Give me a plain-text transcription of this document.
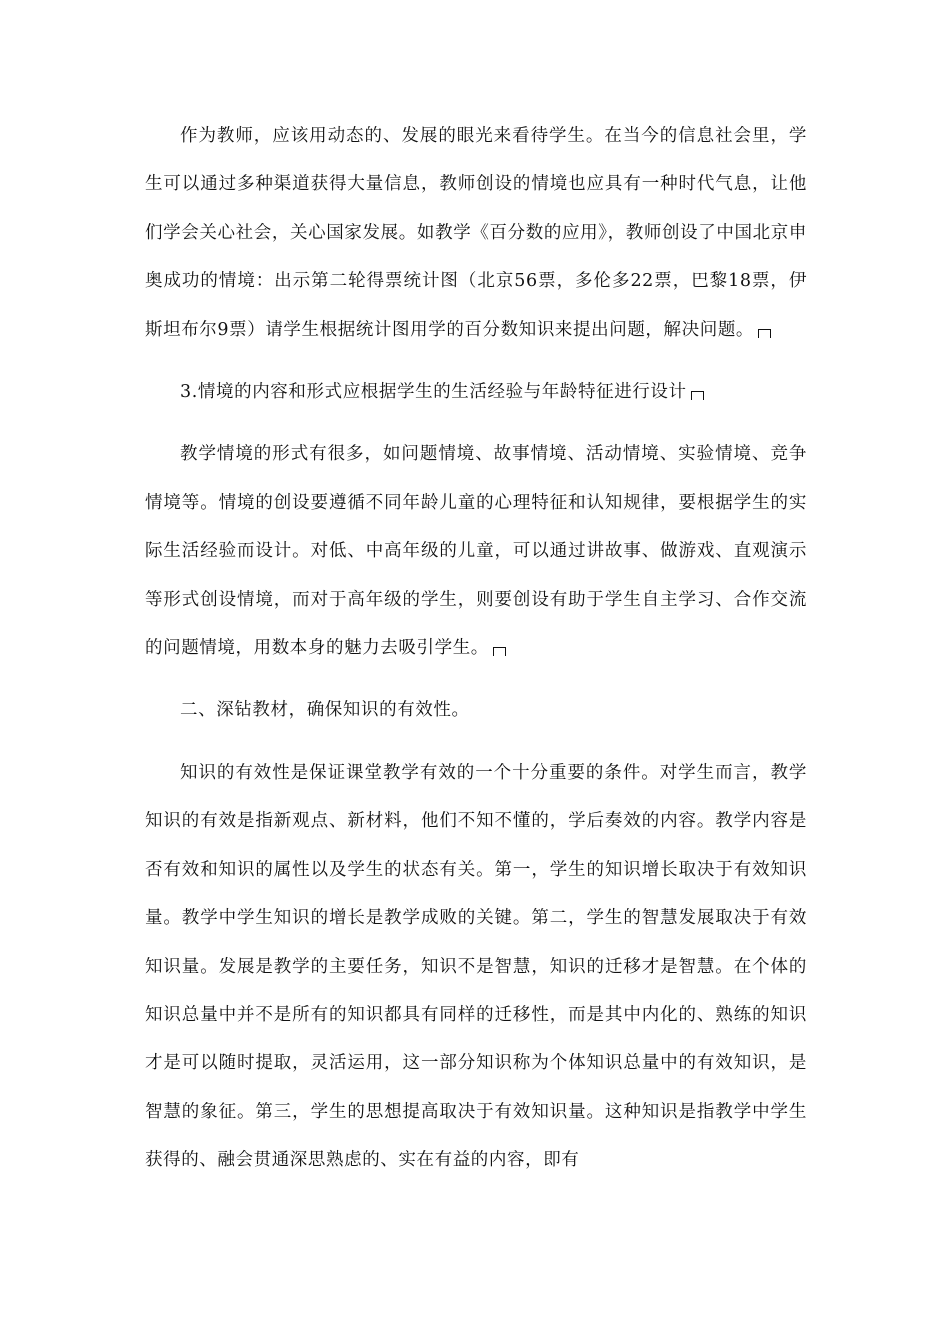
作为教师，应该用动态的、发展的眼光来看待学生。在当今的信息社会里，学生可以通过多种渠道获得大量信息，教师创设的情境也应具有一种时代气息，让他们学会关心社会，关心国家发展。如教学《百分数的应用》，教师创设了中国北京申奥成功的情境：出示第二轮得票统计图（北京56票，多伦多22票，巴黎18票，伊斯坦布尔9票）请学生根据统计图用学的百分数知识来提出问题，解决问题。

3.情境的内容和形式应根据学生的生活经验与年龄特征进行设计

教学情境的形式有很多，如问题情境、故事情境、活动情境、实验情境、竞争情境等。情境的创设要遵循不同年龄儿童的心理特征和认知规律，要根据学生的实际生活经验而设计。对低、中高年级的儿童，可以通过讲故事、做游戏、直观演示等形式创设情境，而对于高年级的学生，则要创设有助于学生自主学习、合作交流的问题情境，用数本身的魅力去吸引学生。

二、深钻教材，确保知识的有效性。

知识的有效性是保证课堂教学有效的一个十分重要的条件。对学生而言，教学知识的有效是指新观点、新材料，他们不知不懂的，学后奏效的内容。教学内容是否有效和知识的属性以及学生的状态有关。第一，学生的知识增长取决于有效知识量。教学中学生知识的增长是教学成败的关键。第二，学生的智慧发展取决于有效知识量。发展是教学的主要任务，知识不是智慧，知识的迁移才是智慧。在个体的知识总量中并不是所有的知识都具有同样的迁移性，而是其中内化的、熟练的知识才是可以随时提取，灵活运用，这一部分知识称为个体知识总量中的有效知识，是智慧的象征。第三，学生的思想提高取决于有效知识量。这种知识是指教学中学生获得的、融会贯通深思熟虑的、实在有益的内容，即有
